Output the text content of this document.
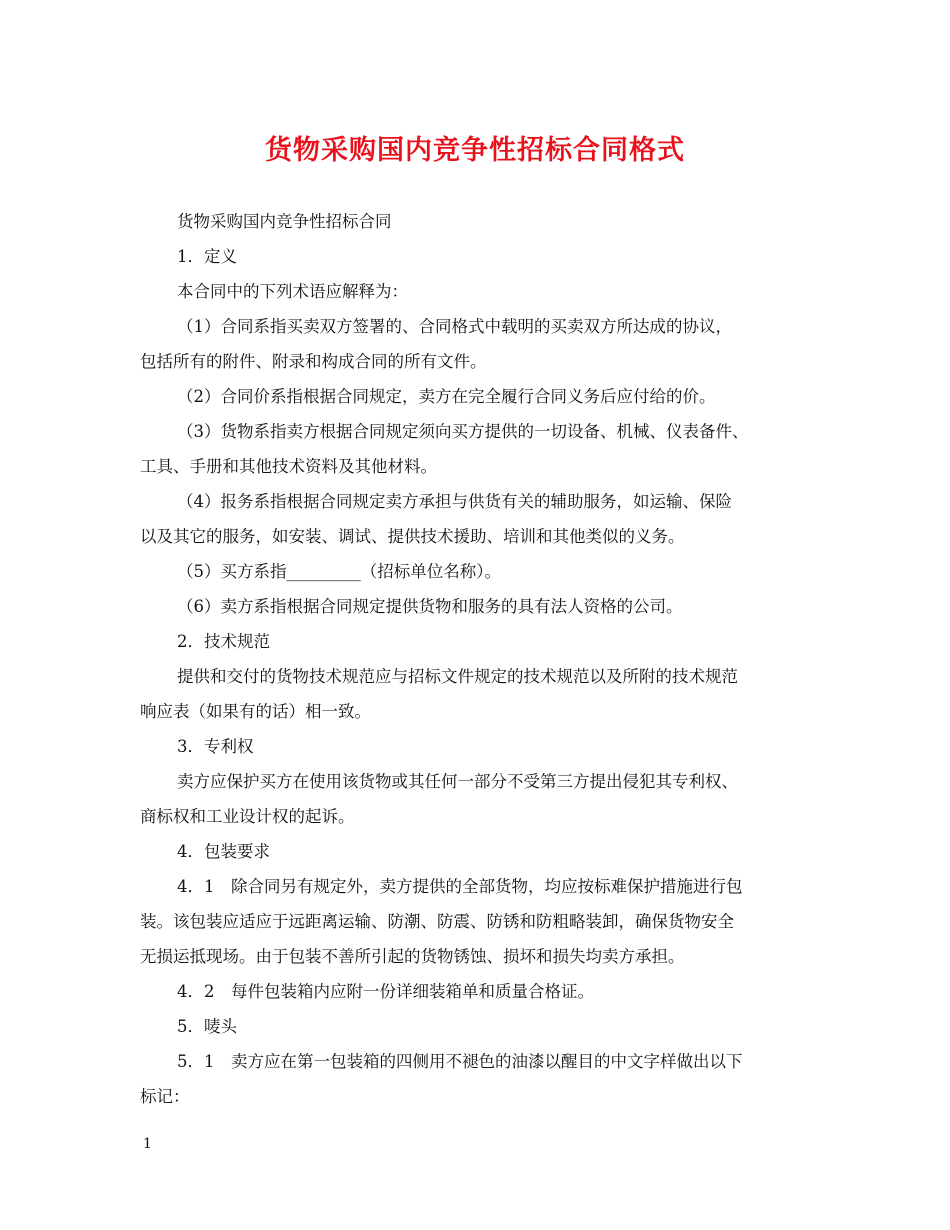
货物采购国内竞争性招标合同格式

货物采购国内竞争性招标合同

1．定义

本合同中的下列术语应解释为：

（1）合同系指买卖双方签署的、合同格式中载明的买卖双方所达成的协议，

包括所有的附件、附录和构成合同的所有文件。

（2）合同价系指根据合同规定，卖方在完全履行合同义务后应付给的价。

（3）货物系指卖方根据合同规定须向买方提供的一切设备、机械、仪表备件、

工具、手册和其他技术资料及其他材料。

（4）报务系指根据合同规定卖方承担与供货有关的辅助服务，如运输、保险

以及其它的服务，如安装、调试、提供技术援助、培训和其他类似的义务。

（5）买方系指_________（招标单位名称）。

（6）卖方系指根据合同规定提供货物和服务的具有法人资格的公司。

2．技术规范

提供和交付的货物技术规范应与招标文件规定的技术规范以及所附的技术规范

响应表（如果有的话）相一致。

3．专利权

卖方应保护买方在使用该货物或其任何一部分不受第三方提出侵犯其专利权、

商标权和工业设计权的起诉。

4．包装要求

4．1　除合同另有规定外，卖方提供的全部货物，均应按标难保护措施进行包

装。该包装应适应于远距离运输、防潮、防震、防锈和防粗略装卸，确保货物安全

无损运抵现场。由于包装不善所引起的货物锈蚀、损坏和损失均卖方承担。

4．2　每件包装箱内应附一份详细装箱单和质量合格证。

5．唛头

5．1　卖方应在第一包装箱的四侧用不褪色的油漆以醒目的中文字样做出以下

标记：

1
